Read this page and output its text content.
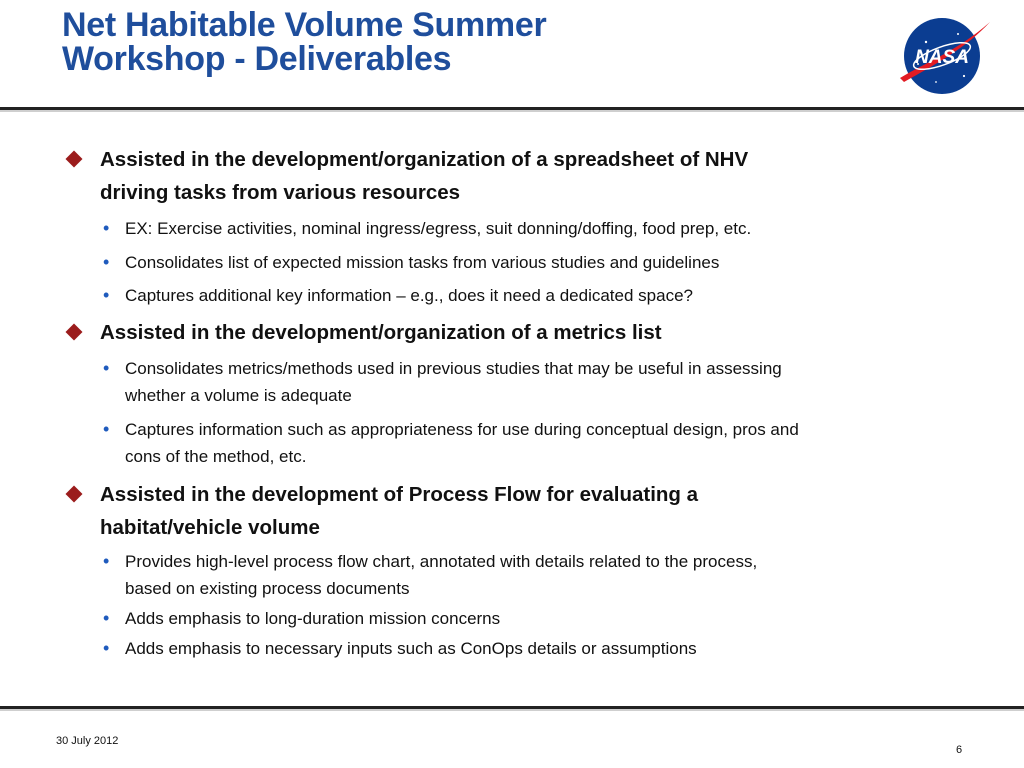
Net Habitable Volume Summer
Workshop - Deliverables	NASA
Assisted in the development/organization of a spreadsheet of NHV
driving tasks from various resources
• EX: Exercise activities, nominal ingress/egress, suit donning/doffing, food prep, etc.
• Consolidates list of expected mission tasks from various studies and guidelines
• Captures additional key information – e.g., does it need a dedicated space?
Assisted in the development/organization of a metrics list
• Consolidates metrics/methods used in previous studies that may be useful in assessing
whether a volume is adequate
• Captures information such as appropriateness for use during conceptual design, pros and
cons of the method, etc.
Assisted in the development of Process Flow for evaluating a
habitat/vehicle volume
• Provides high-level process flow chart, annotated with details related to the process,
based on existing process documents
• Adds emphasis to long-duration mission concerns
• Adds emphasis to necessary inputs such as ConOps details or assumptions
30 July 2012
6
